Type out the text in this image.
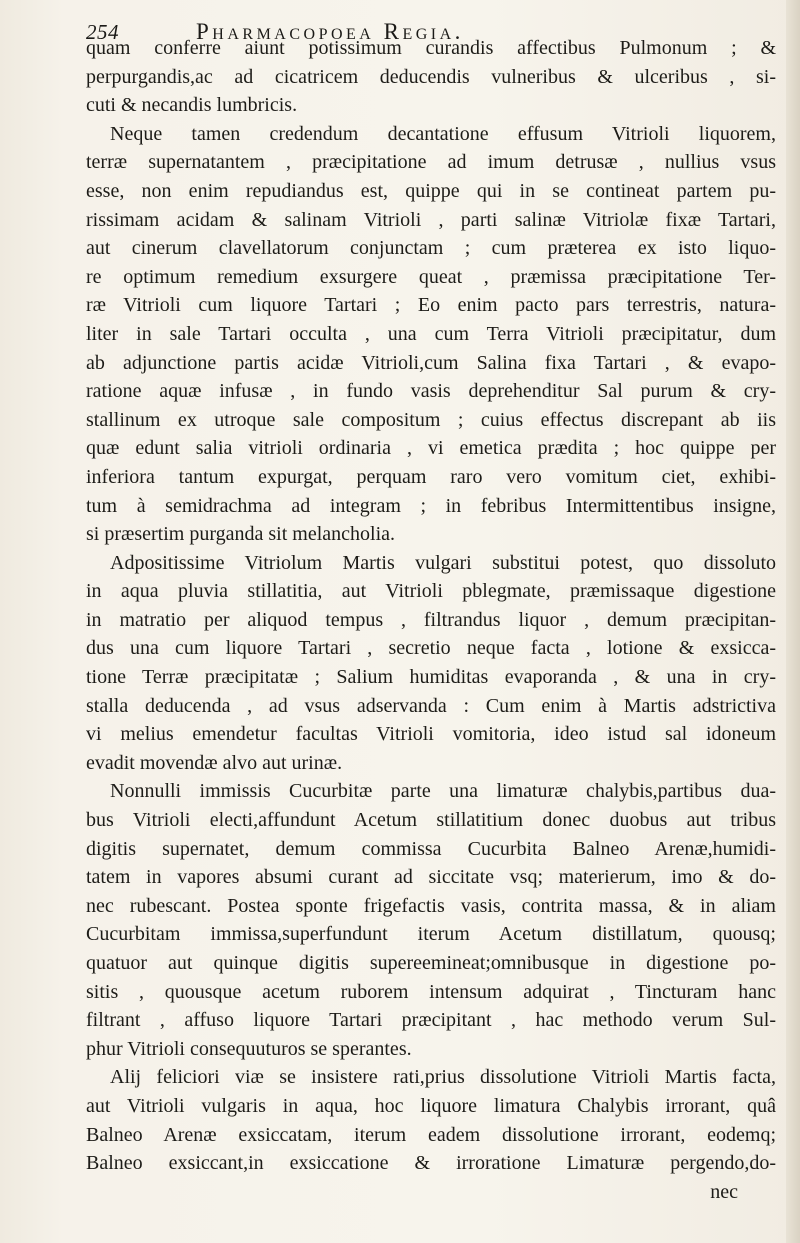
254	Pharmacopoea Regia.
quam conferre aiunt potissimum curandis affectibus Pulmonum ; &
perpurgandis,ac ad cicatricem deducendis vulneribus & ulceribus , si-
cuti & necandis lumbricis.
Neque tamen credendum decantatione effusum Vitrioli liquorem,
terræ supernatantem , præcipitatione ad imum detrusæ , nullius vsus
esse, non enim repudiandus est, quippe qui in se contineat partem pu-
rissimam acidam & salinam Vitrioli , parti salinæ Vitriolæ fixæ Tartari,
aut cinerum clavellatorum conjunctam ; cum præterea ex isto liquo-
re optimum remedium exsurgere queat , præmissa præcipitatione Ter-
ræ Vitrioli cum liquore Tartari ; Eo enim pacto pars terrestris, natura-
liter in sale Tartari occulta , una cum Terra Vitrioli præcipitatur, dum
ab adjunctione partis acidæ Vitrioli,cum Salina fixa Tartari , & evapo-
ratione aquæ infusæ , in fundo vasis deprehenditur Sal purum & cry-
stallinum ex utroque sale compositum ; cuius effectus discrepant ab iis
quæ edunt salia vitrioli ordinaria , vi emetica prædita ; hoc quippe per
inferiora tantum expurgat, perquam raro vero vomitum ciet, exhibi-
tum à semidrachma ad integram ; in febribus Intermittentibus insigne,
si præsertim purganda sit melancholia.
Adpositissime Vitriolum Martis vulgari substitui potest, quo dissoluto
in aqua pluvia stillatitia, aut Vitrioli pblegmate, præmissaque digestione
in matratio per aliquod tempus , filtrandus liquor , demum præcipitan-
dus una cum liquore Tartari , secretio neque facta , lotione & exsicca-
tione Terræ præcipitatæ ; Salium humiditas evaporanda , & una in cry-
stalla deducenda , ad vsus adservanda : Cum enim à Martis adstrictiva
vi melius emendetur facultas Vitrioli vomitoria, ideo istud sal idoneum
evadit movendæ alvo aut urinæ.
Nonnulli immissis Cucurbitæ parte una limaturæ chalybis,partibus dua-
bus Vitrioli electi,affundunt Acetum stillatitium donec duobus aut tribus
digitis supernatet, demum commissa Cucurbita Balneo Arenæ,humidi-
tatem in vapores absumi curant ad siccitate vsq; materierum, imo & do-
nec rubescant. Postea sponte frigefactis vasis, contrita massa, & in aliam
Cucurbitam immissa,superfundunt iterum Acetum distillatum, quousq;
quatuor aut quinque digitis supereemineat;omnibusque in digestione po-
sitis , quousque acetum ruborem intensum adquirat , Tincturam hanc
filtrant , affuso liquore Tartari præcipitant , hac methodo verum Sul-
phur Vitrioli consequuturos se sperantes.
Alij feliciori viæ se insistere rati,prius dissolutione Vitrioli Martis facta,
aut Vitrioli vulgaris in aqua, hoc liquore limatura Chalybis irrorant, quâ
Balneo Arenæ exsiccatam, iterum eadem dissolutione irrorant, eodemq;
Balneo exsiccant,in exsiccatione & irroratione Limaturæ pergendo,do-
nec
